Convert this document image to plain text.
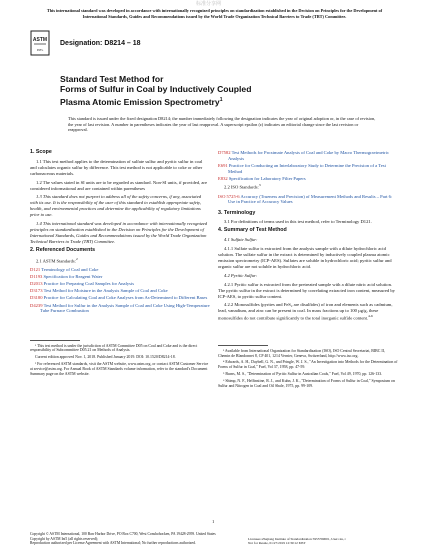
标准分享网
This international standard was developed in accordance with internationally recognized principles on standardization established in the Decision on Principles for the Development of International Standards, Guides and Recommendations issued by the World Trade Organization Technical Barriers to Trade (TBT) Committee.
ASTM
INTL
Designation: D8214 – 18
Standard Test Method for
Forms of Sulfur in Coal by Inductively Coupled
Plasma Atomic Emission Spectrometry$^1$
This standard is issued under the fixed designation D8214; the number immediately following the designation indicates the year of original adoption or, in the case of revision, the year of last revision. A number in parentheses indicates the year of last reapproval. A superscript epsilon (ε) indicates an editorial change since the last revision or reapproval.
1. Scope
1.1 This test method applies to the determination of sulfate sulfur and pyritic sulfur in coal and calculates organic sulfur by difference. This test method is not applicable to coke or other carbonaceous materials.
1.2 The values stated in SI units are to be regarded as standard. Non-SI units, if provided, are considered informational and are contained within parentheses
1.3 This standard does not purport to address all of the safety concerns, if any, associated with its use. It is the responsibility of the user of this standard to establish appropriate safety, health, and environmental practices and determine the applicability of regulatory limitations prior to use.
1.4 This international standard was developed in accordance with internationally recognized principles on standardization established in the Decision on Principles for the Development of International Standards, Guides and Recommendations issued by the World Trade Organization Technical Barriers to Trade (TBT) Committee.
2. Referenced Documents
2.1 ASTM Standards:$^2$
D121 Terminology of Coal and Coke
D1193 Specification for Reagent Water
D2013 Practice for Preparing Coal Samples for Analysis
D3173 Test Method for Moisture in the Analysis Sample of Coal and Coke
D3180 Practice for Calculating Coal and Coke Analyses from As-Determined to Different Bases
D4239 Test Method for Sulfur in the Analysis Sample of Coal and Coke Using High-Temperature Tube Furnace Combustion
¹ This test method is under the jurisdiction of ASTM Committee D05 on Coal and Coke and is the direct responsibility of Subcommittee D05.21 on Methods of Analysis.
Current edition approved Nov. 1, 2018. Published January 2019. DOI: 10.1520/D8214-18.
² For referenced ASTM standards, visit the ASTM website, www.astm.org, or contact ASTM Customer Service at service@astm.org. For Annual Book of ASTM Standards volume information, refer to the standard's Document Summary page on the ASTM website.
D7582 Test Methods for Proximate Analysis of Coal and Coke by Macro Thermogravimetric Analysis
E691 Practice for Conducting an Interlaboratory Study to Determine the Precision of a Test Method
E832 Specification for Laboratory Filter Papers
2.2 ISO Standards:$^3$
ISO 5725-6 Accuracy (Trueness and Precision) of Measurement Methods and Results – Part 6: Use in Practice of Accuracy Values
3. Terminology
3.1 For definitions of terms used in this test method, refer to Terminology D121.
4. Summary of Test Method
4.1 Sulfate Sulfur:
4.1.1 Sulfate sulfur is extracted from the analysis sample with a dilute hydrochloric acid solution. The sulfate sulfur in the extract is determined by inductively coupled plasma atomic emission spectrometry (ICP-AES). Sulfates are soluble in hydrochloric acid; pyritic sulfur and organic sulfur are not soluble in hydrochloric acid.
4.2 Pyritic Sulfur:
4.2.1 Pyritic sulfur is extracted from the pretreated sample with a dilute nitric acid solution. The pyritic sulfur in the extract is determined by correlating extracted iron content, measured by ICP-AES, to pyritic sulfur content.
4.2.2 Monosulfides (pyrites and FeS₂ are disulfides) of iron and elements such as cadmium, lead, vanadium, and zinc can be present in coal. In mass fractions up to 100 µg/g, these monosulfides do not contribute significantly to the total inorganic sulfide content.$^{4-6}$
³ Available from International Organization for Standardization (ISO), ISO Central Secretariat, BIBC II, Chemin de Blandonnet 8, CP 401, 1214 Vernier, Geneva, Switzerland, http://www.iso.org.
⁴ Edwards, A. H., Daybell, G. N., and Pringle, W. J. S., "An Investigation into Methods for the Determination of Forms of Sulfur in Coal," Fuel, Vol 37, 1958, pp. 47-59.
⁵ Burns, M. S., "Determination of Pyritic Sulfur in Australian Coals," Fuel, Vol 49, 1970, pp. 126-133.
⁶ Shimp, N. F., Helfinstine, R. J., and Kuhn, J. K., "Determination of Forms of Sulfur in Coal," Symposium on Sulfur and Nitrogen in Coal and Oil Shale, 1975, pp. 99-109.
1
Copyright © ASTM International, 100 Barr Harbor Drive, PO Box C700, West Conshohocken, PA 19428-2959. United States
Copyright by ASTM Int'l (all rights reserved);
Reproduction authorized per License Agreement with ASTM International; No further reproductions authorized.
Licensee=Zhejiang Institute of Standardization 5955769001, User=xu, r
Not for Resale, 01/27/2019 12:39:12 MST
